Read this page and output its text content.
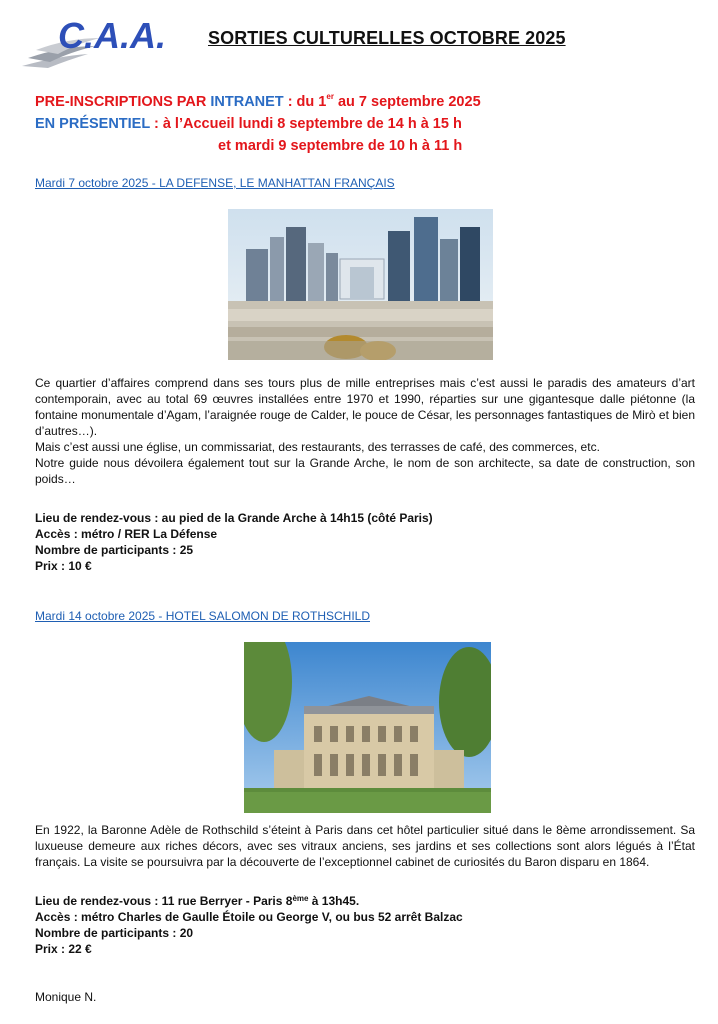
C.A.A. SORTIES CULTURELLES OCTOBRE 2025
PRE-INSCRIPTIONS PAR INTRANET : du 1er au 7 septembre 2025
EN PRÉSENTIEL : à l’Accueil lundi 8 septembre de 14 h à 15 h
et mardi 9 septembre de 10 h à 11 h
Mardi 7 octobre 2025 - LA DEFENSE, LE MANHATTAN FRANÇAIS
Ce quartier d’affaires comprend dans ses tours plus de mille entreprises mais c’est aussi le paradis des amateurs d’art contemporain, avec au total 69 œuvres installées entre 1970 et 1990, réparties sur une gigantesque dalle piétonne (la fontaine monumentale d’Agam, l’araignée rouge de Calder, le pouce de César, les personnages fantastiques de Mirò et bien d’autres…).
Mais c’est aussi une église, un commissariat, des restaurants, des terrasses de café, des commerces, etc.
Notre guide nous dévoilera également tout sur la Grande Arche, le nom de son architecte, sa date de construction, son poids…
Lieu de rendez-vous : au pied de la Grande Arche à 14h15 (côté Paris)
Accès : métro / RER La Défense
Nombre de participants : 25
Prix : 10 €
Mardi 14 octobre 2025 - HOTEL SALOMON DE ROTHSCHILD
En 1922, la Baronne Adèle de Rothschild s’éteint à Paris dans cet hôtel particulier situé dans le 8ème arrondissement. Sa luxueuse demeure aux riches décors, avec ses vitraux anciens, ses jardins et ses collections sont alors légués à l’État français. La visite se poursuivra par la découverte de l’exceptionnel cabinet de curiosités du Baron disparu en 1864.
Lieu de rendez-vous : 11 rue Berryer - Paris 8ème à 13h45.
Accès : métro Charles de Gaulle Étoile ou George V, ou bus 52 arrêt Balzac
Nombre de participants : 20
Prix : 22 €
Monique N.
